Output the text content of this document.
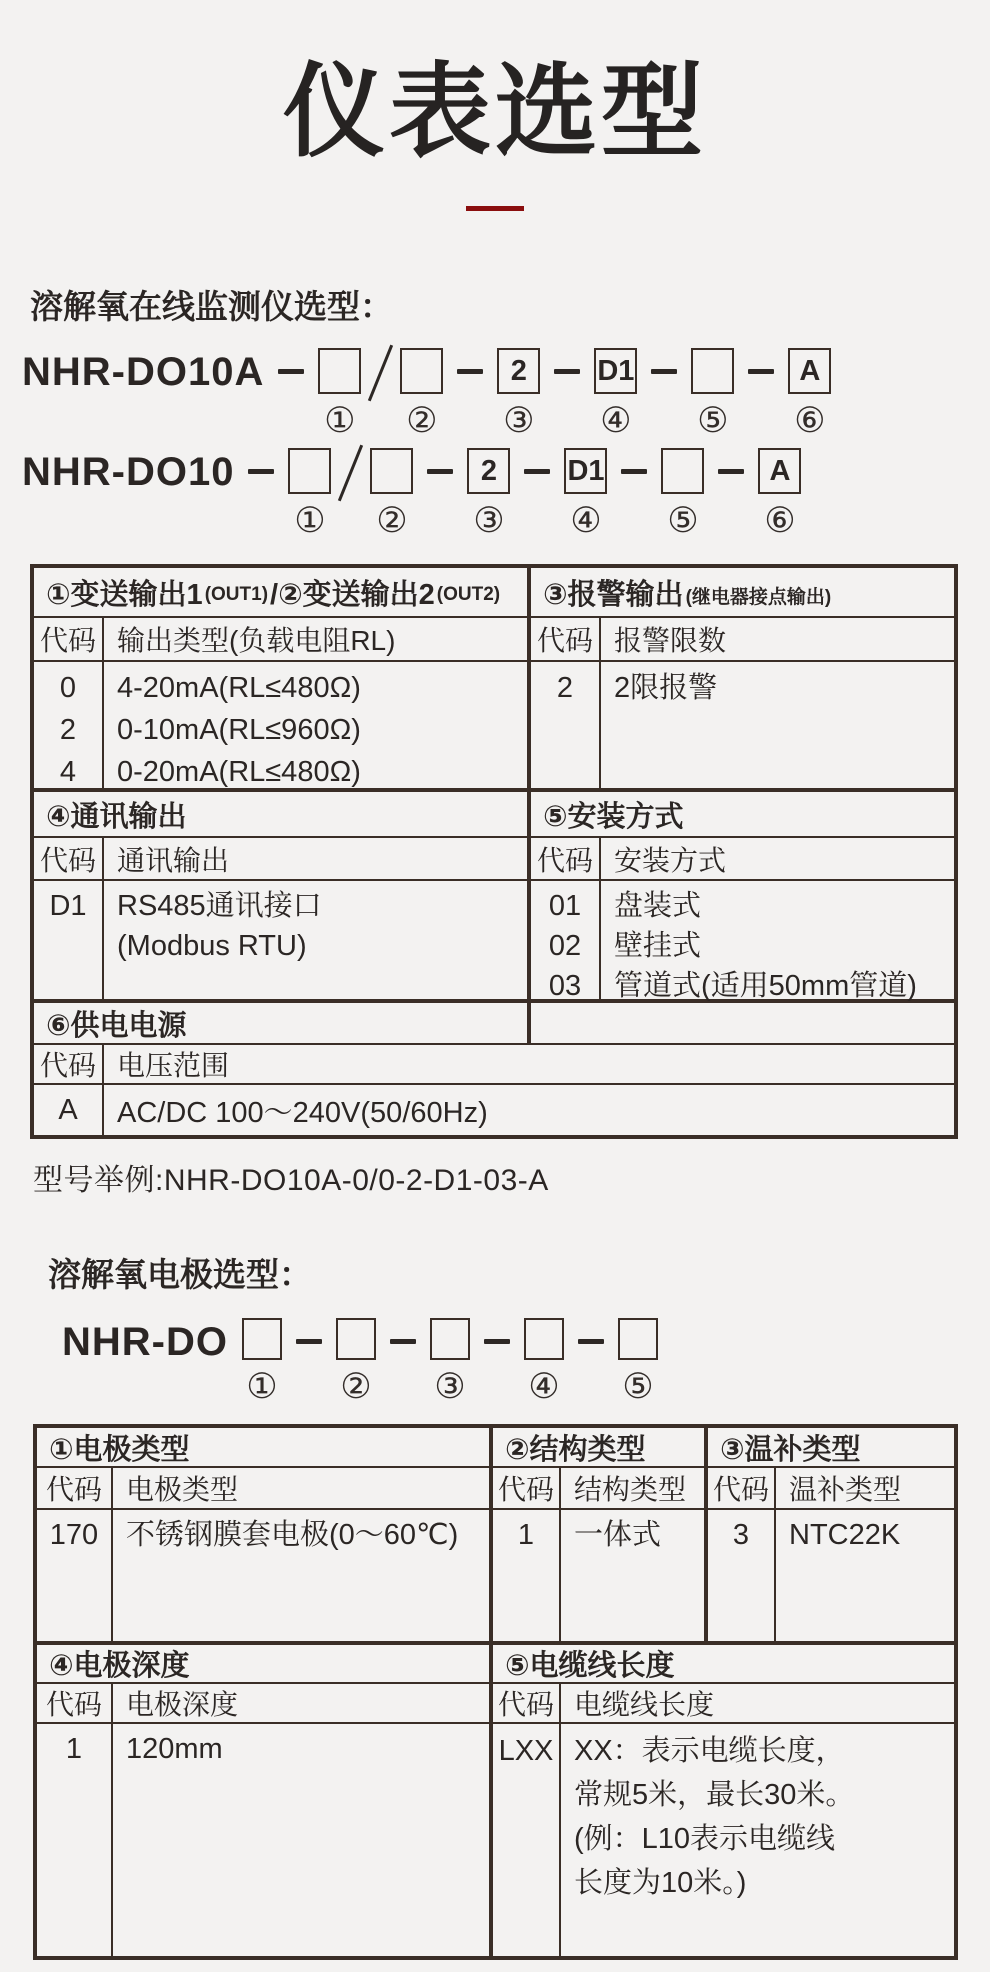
仪表选型
溶解氧在线监测仪选型：
NHR-DO10A
① ②
2
③
D1
④ ⑤
A
⑥
NHR-DO10
① ②
2
③
D1
④ ⑤
A
⑥
①变送输出1 (OUT1) /②变送输出2 (OUT2)
代码 输出类型(负载电阻RL)
0
2
4
4-20mA(RL≤480Ω)
0-10mA(RL≤960Ω)
0-20mA(RL≤480Ω)
③报警输出 (继电器接点输出)
代码 报警限数
2 2限报警
④通讯输出
代码 通讯输出
D1 RS485通讯接口
(Modbus RTU)
⑤安装方式
代码 安装方式
01
02
03
盘装式
壁挂式
管道式(适用50mm管道)
⑥供电电源
代码 电压范围
A	AC/DC 100～240V(50/60Hz)
型号举例:NHR-DO10A-0/0-2-D1-03-A
溶解氧电极选型：
NHR-DO
① ② ③ ④ ⑤
①电极类型
代码 电极类型
170 不锈钢膜套电极(0～60℃)
②结构类型
代码 结构类型
1 一体式
③温补类型
代码 温补类型
3 NTC22K
④电极深度
代码 电极深度
1 120mm
⑤电缆线长度
代码 电缆线长度
LXX XX：表示电缆长度，
常规5米，最长30米。
(例：L10表示电缆线
长度为10米。)
